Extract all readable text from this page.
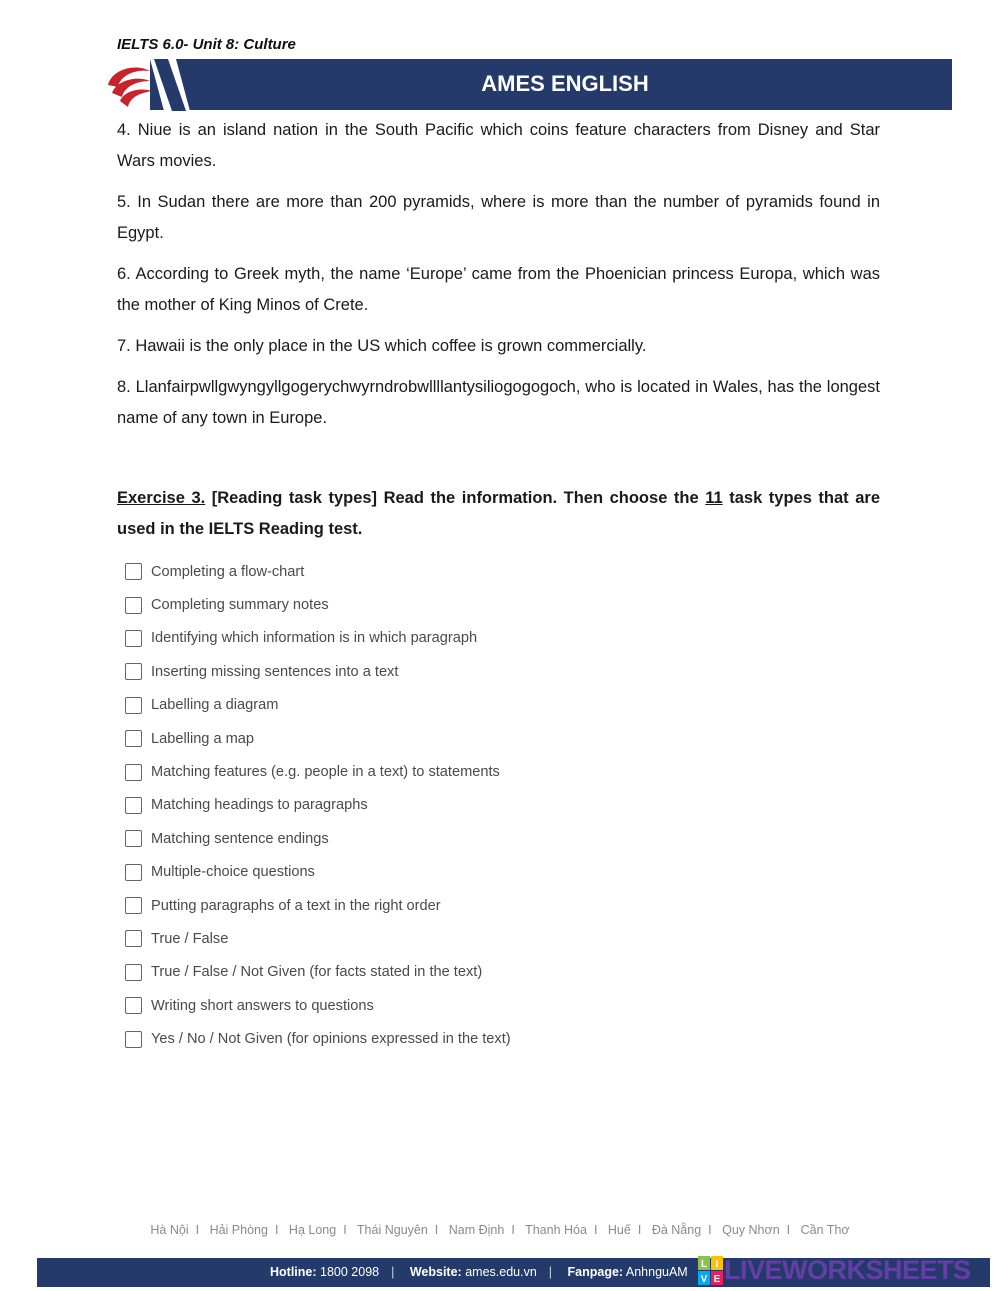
IELTS 6.0- Unit 8: Culture
AMES ENGLISH

4. Niue is an island nation in the South Pacific which coins feature characters from Disney and Star Wars movies.

5. In Sudan there are more than 200 pyramids, where is more than the number of pyramids found in Egypt.

6. According to Greek myth, the name ‘Europe’ came from the Phoenician princess Europa, which was the mother of King Minos of Crete.

7. Hawaii is the only place in the US which coffee is grown commercially.

8. Llanfairpwllgwyngyllgogerychwyrndrobwllllantysiliogogogoch, who is located in Wales, has the longest name of any town in Europe.

Exercise 3. [Reading task types] Read the information. Then choose the 11 task types that are used in the IELTS Reading test.
Completing a flow-chart
Completing summary notes
Identifying which information is in which paragraph
Inserting missing sentences into a text
Labelling a diagram
Labelling a map
Matching features (e.g. people in a text) to statements
Matching headings to paragraphs
Matching sentence endings
Multiple-choice questions
Putting paragraphs of a text in the right order
True / False
True / False / Not Given (for facts stated in the text)
Writing short answers to questions
Yes / No / Not Given (for opinions expressed in the text)
Hà Nội I Hải Phòng I Hạ Long I Thái Nguyên I Nam Định I Thanh Hóa I Huế I Đà Nẵng I Quy Nhơn I Cần Thơ
Hotline: 1800 2098 | Website: ames.edu.vn | Fanpage: AnhnguAM
L I
V E LIVEWORKSHEETS
